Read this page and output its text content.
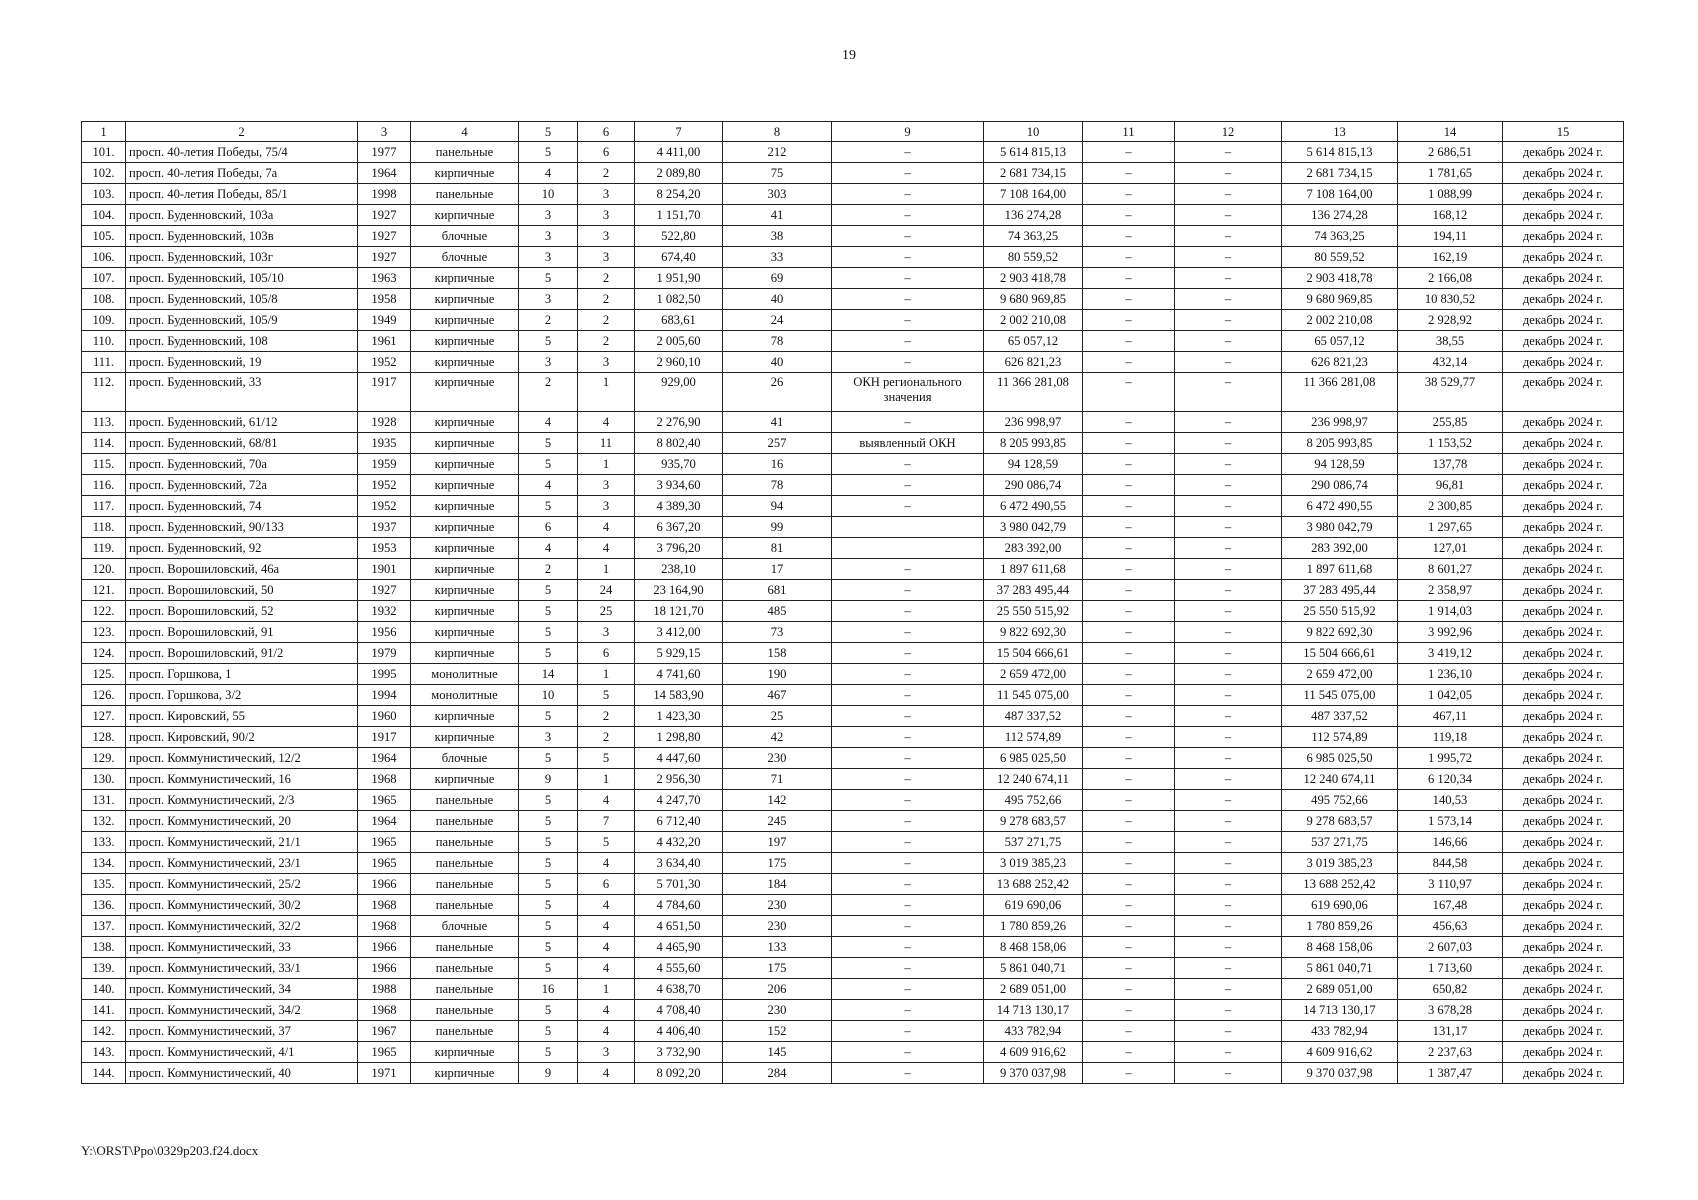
19
1	2	3	4	5	6	7	8	9	10	11	12	13	14	15
101.	просп. 40-летия Победы, 75/4	1977	панельные	5	6	4 411,00	212	–	5 614 815,13	–	–	5 614 815,13	2 686,51	декабрь 2024 г.
102.	просп. 40-летия Победы, 7а	1964	кирпичные	4	2	2 089,80	75	–	2 681 734,15	–	–	2 681 734,15	1 781,65	декабрь 2024 г.
103.	просп. 40-летия Победы, 85/1	1998	панельные	10	3	8 254,20	303	–	7 108 164,00	–	–	7 108 164,00	1 088,99	декабрь 2024 г.
104.	просп. Буденновский, 103а	1927	кирпичные	3	3	1 151,70	41	–	136 274,28	–	–	136 274,28	168,12	декабрь 2024 г.
105.	просп. Буденновский, 103в	1927	блочные	3	3	522,80	38	–	74 363,25	–	–	74 363,25	194,11	декабрь 2024 г.
106.	просп. Буденновский, 103г	1927	блочные	3	3	674,40	33	–	80 559,52	–	–	80 559,52	162,19	декабрь 2024 г.
107.	просп. Буденновский, 105/10	1963	кирпичные	5	2	1 951,90	69	–	2 903 418,78	–	–	2 903 418,78	2 166,08	декабрь 2024 г.
108.	просп. Буденновский, 105/8	1958	кирпичные	3	2	1 082,50	40	–	9 680 969,85	–	–	9 680 969,85	10 830,52	декабрь 2024 г.
109.	просп. Буденновский, 105/9	1949	кирпичные	2	2	683,61	24	–	2 002 210,08	–	–	2 002 210,08	2 928,92	декабрь 2024 г.
110.	просп. Буденновский, 108	1961	кирпичные	5	2	2 005,60	78	–	65 057,12	–	–	65 057,12	38,55	декабрь 2024 г.
111.	просп. Буденновский, 19	1952	кирпичные	3	3	2 960,10	40	–	626 821,23	–	–	626 821,23	432,14	декабрь 2024 г.
112.	просп. Буденновский, 33	1917	кирпичные	2	1	929,00	26	ОКН регионального значения	11 366 281,08	–	–	11 366 281,08	38 529,77	декабрь 2024 г.
113.	просп. Буденновский, 61/12	1928	кирпичные	4	4	2 276,90	41	–	236 998,97	–	–	236 998,97	255,85	декабрь 2024 г.
114.	просп. Буденновский, 68/81	1935	кирпичные	5	11	8 802,40	257	выявленный ОКН	8 205 993,85	–	–	8 205 993,85	1 153,52	декабрь 2024 г.
115.	просп. Буденновский, 70а	1959	кирпичные	5	1	935,70	16	–	94 128,59	–	–	94 128,59	137,78	декабрь 2024 г.
116.	просп. Буденновский, 72а	1952	кирпичные	4	3	3 934,60	78	–	290 086,74	–	–	290 086,74	96,81	декабрь 2024 г.
117.	просп. Буденновский, 74	1952	кирпичные	5	3	4 389,30	94	–	6 472 490,55	–	–	6 472 490,55	2 300,85	декабрь 2024 г.
118.	просп. Буденновский, 90/133	1937	кирпичные	6	4	6 367,20	99		3 980 042,79	–	–	3 980 042,79	1 297,65	декабрь 2024 г.
119.	просп. Буденновский, 92	1953	кирпичные	4	4	3 796,20	81		283 392,00	–	–	283 392,00	127,01	декабрь 2024 г.
120.	просп. Ворошиловский, 46а	1901	кирпичные	2	1	238,10	17	–	1 897 611,68	–	–	1 897 611,68	8 601,27	декабрь 2024 г.
121.	просп. Ворошиловский, 50	1927	кирпичные	5	24	23 164,90	681	–	37 283 495,44	–	–	37 283 495,44	2 358,97	декабрь 2024 г.
122.	просп. Ворошиловский, 52	1932	кирпичные	5	25	18 121,70	485	–	25 550 515,92	–	–	25 550 515,92	1 914,03	декабрь 2024 г.
123.	просп. Ворошиловский, 91	1956	кирпичные	5	3	3 412,00	73	–	9 822 692,30	–	–	9 822 692,30	3 992,96	декабрь 2024 г.
124.	просп. Ворошиловский, 91/2	1979	кирпичные	5	6	5 929,15	158	–	15 504 666,61	–	–	15 504 666,61	3 419,12	декабрь 2024 г.
125.	просп. Горшкова, 1	1995	монолитные	14	1	4 741,60	190	–	2 659 472,00	–	–	2 659 472,00	1 236,10	декабрь 2024 г.
126.	просп. Горшкова, 3/2	1994	монолитные	10	5	14 583,90	467	–	11 545 075,00	–	–	11 545 075,00	1 042,05	декабрь 2024 г.
127.	просп. Кировский, 55	1960	кирпичные	5	2	1 423,30	25	–	487 337,52	–	–	487 337,52	467,11	декабрь 2024 г.
128.	просп. Кировский, 90/2	1917	кирпичные	3	2	1 298,80	42	–	112 574,89	–	–	112 574,89	119,18	декабрь 2024 г.
129.	просп. Коммунистический, 12/2	1964	блочные	5	5	4 447,60	230	–	6 985 025,50	–	–	6 985 025,50	1 995,72	декабрь 2024 г.
130.	просп. Коммунистический, 16	1968	кирпичные	9	1	2 956,30	71	–	12 240 674,11	–	–	12 240 674,11	6 120,34	декабрь 2024 г.
131.	просп. Коммунистический, 2/3	1965	панельные	5	4	4 247,70	142	–	495 752,66	–	–	495 752,66	140,53	декабрь 2024 г.
132.	просп. Коммунистический, 20	1964	панельные	5	7	6 712,40	245	–	9 278 683,57	–	–	9 278 683,57	1 573,14	декабрь 2024 г.
133.	просп. Коммунистический, 21/1	1965	панельные	5	5	4 432,20	197	–	537 271,75	–	–	537 271,75	146,66	декабрь 2024 г.
134.	просп. Коммунистический, 23/1	1965	панельные	5	4	3 634,40	175	–	3 019 385,23	–	–	3 019 385,23	844,58	декабрь 2024 г.
135.	просп. Коммунистический, 25/2	1966	панельные	5	6	5 701,30	184	–	13 688 252,42	–	–	13 688 252,42	3 110,97	декабрь 2024 г.
136.	просп. Коммунистический, 30/2	1968	панельные	5	4	4 784,60	230	–	619 690,06	–	–	619 690,06	167,48	декабрь 2024 г.
137.	просп. Коммунистический, 32/2	1968	блочные	5	4	4 651,50	230	–	1 780 859,26	–	–	1 780 859,26	456,63	декабрь 2024 г.
138.	просп. Коммунистический, 33	1966	панельные	5	4	4 465,90	133	–	8 468 158,06	–	–	8 468 158,06	2 607,03	декабрь 2024 г.
139.	просп. Коммунистический, 33/1	1966	панельные	5	4	4 555,60	175	–	5 861 040,71	–	–	5 861 040,71	1 713,60	декабрь 2024 г.
140.	просп. Коммунистический, 34	1988	панельные	16	1	4 638,70	206	–	2 689 051,00	–	–	2 689 051,00	650,82	декабрь 2024 г.
141.	просп. Коммунистический, 34/2	1968	панельные	5	4	4 708,40	230	–	14 713 130,17	–	–	14 713 130,17	3 678,28	декабрь 2024 г.
142.	просп. Коммунистический, 37	1967	панельные	5	4	4 406,40	152	–	433 782,94	–	–	433 782,94	131,17	декабрь 2024 г.
143.	просп. Коммунистический, 4/1	1965	кирпичные	5	3	3 732,90	145	–	4 609 916,62	–	–	4 609 916,62	2 237,63	декабрь 2024 г.
144.	просп. Коммунистический, 40	1971	кирпичные	9	4	8 092,20	284	–	9 370 037,98	–	–	9 370 037,98	1 387,47	декабрь 2024 г.
Y:\ORST\Ppo\0329p203.f24.docx
